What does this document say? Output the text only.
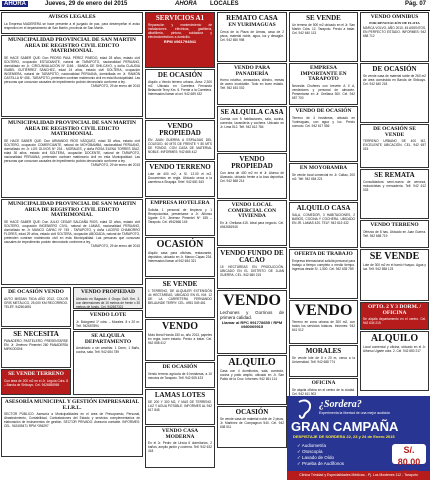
AHORA	Jueves, 29 de enero del 2015	AHORA LOCALES	Pág. 07
AVISOS LEGALES

La Empresa MADERERA se hace presente a el juzgado de paz, para desempeñar el aviso respectivo en el departamento de San Martín, provincia de San Martín.

MUNICIPALIDAD PROVINCIAL DE SAN MARTIN AREA DE REGISTRO CIVIL EDICTO MATRIMONIAL

SE HACE SABER QUE: Don PEDRO PAUL PÉREZ PINEDO, edad 28 años, estado civil SOLTERO, ocupación ESTUDIANTE, natural de TARAPOTO, nacionalidad PERUANO, domiciliado en Jr. CIRCUNVALACIÓN Nº 1166 - BANDA DE SHILCAYO, y doña CLAUDIA ISABEL GUTIÉRREZ SÁNCHEZ, edad 24 años, estado civil SOLTERA, ocupación INGENIERA, natural de TARAPOTO, nacionalidad PERUANA, domiciliada en Jr. RAMÓN CASTILLA Nº 456 - TARAPOTO, pretenden contraer matrimonio civil en esta Municipalidad. Las personas que conozcan causales de impedimento podrán denunciarlo conforme a ley.

TARAPOTO, 29 de enero del 2015

MUNICIPALIDAD PROVINCIAL DE SAN MARTIN AREA DE REGISTRO CIVIL EDICTO MATRIMONIAL

SE HACE SABER QUE: Don ARMANDO RÍOS VÁSQUEZ, edad 35 años, estado civil SOLTERO, ocupación COMERCIANTE, natural de MOYOBAMBA, nacionalidad PERUANO, domiciliado en Jr. LOS OLIVOS Nº 234 - MORALES, y doña ROSA ELENA TORRES DÍAZ, edad 30 años, estado civil SOLTERA, ocupación DOCENTE, natural de TARAPOTO, nacionalidad PERUANA, pretenden contraer matrimonio civil en esta Municipalidad. Las personas que conozcan causales de impedimento podrán denunciarlo conforme a ley.

TARAPOTO, 29 de enero del 2015

MUNICIPALIDAD PROVINCIAL DE SAN MARTIN AREA DE REGISTRO CIVIL EDICTO MATRIMONIAL

SE HACE SABER QUE: Don JULIO CESAR SALDAÑA RIOS, edad 32 años, estado civil SOLTERO, ocupación INGENIERO CIVIL, natural de LAMAS, nacionalidad PERUANO, domiciliado en Jr. MANCO CAPAC Nº 745 - TARAPOTO, y doña LUCERO CHAMORRO FLORES, edad 29 años, estado civil SOLTERA, ocupación ABOGADA, natural de TARAPOTO, pretenden contraer matrimonio civil en esta Municipalidad. Las personas que conozcan causales de impedimento podrán denunciarlo conforme a ley.

TARAPOTO, 29 de enero del 2015

DE OCASIÓN VENDO

AUTO MISSAN TIIDA AÑO 2012, COLOR GRIS METÁLICO, 25,000 KM RECORRIDO. TELÉF. 942504891

SE NECESITA

PANADERO, PASTELERO, PRESENTARSE EN: Jr. Jiménez Pimentel 260 PANADERÍA MIRKODONI

SE VENDE TERRENO

Con área de 200 m2 en el Jr. Leguía Cdra. 8 – Banda de Shilcayo. Cel. 9426588965

VENDO PROPIEDAD

Ubicado en Bagazán 4 Grupo Golf. Km. 3, con dimensiones de 10 metros de frente x 30 metros de fondo. Cel. 942657321

VENDO LOTE

Jr. Bolognesi 1º cdra. – Morales. 8 x 20 m. Telf. 942657894

SE ALQUILA DEPARTAMENTO

Amoblado o sin amoblar. 1 Dorm, 1 Baño, cocina, sala. Telf. 942 654 789

ASESORÍA MUNICIPAL Y GESTIÓN EMPRESARIAL E.I.R.L.

SECTOR PÚBLICO: Asesoría a Municipalidades en el área de Presupuesto, Personal, Abastecimiento, Contabilidad, Contrataciones del Estado y servicios complementarios de elaboración de instrumentos de gestión. SECTOR PRIVADO: Asesoría contable. INFORMES: CEL. 942455471 RPM *396297

SERVICIOS A1

Reparación y mantenimiento de instalaciones eléctricas, gasfitería, albañilería, pintura, soldadura y electrodomésticos a domicilio.

RPM #961794941
DE OCASIÓN

Alquilo o Vendo terreno urbano, Área: 2,300 m2. Ubicado en Carretera Fernando Belaunde Terry Km. 6. Frente a la Carretera. Interesados llamar al cel. 942 689 432

VENDO PROPIEDAD

EN JUAN GUERRA A ESPALDAS DEL COLEGIO, 60 MTS DE FRENTE Y 80 MTS DE FONDO, CON CASA DE MATERIAL NOBLE. INFORMES: 942 665 412

VENDO TERRENO

Lote de 400 m2, a S/. 12.00 el m2. Documentos en regla. Ubicado cerca a la carretera a Shapaja. Telef. 942 681 543

EMPRESA HOTELERA

Solicita 1 personal de limpieza y 1 Recepcionista, presentarse a Jr. Alfonso Ugarte C.V. Jiménez Pimentel Nº 155 – Tarapoto. Cel. #942666 145

OCASIÓN

Alquilo casa para oficinas, restaurante, depósitos, ubicado en Jr. Manco Cápac 234. Interesados llamar al 942 654 321

SE VENDE

1 TERRENO, DE ALQUILER EXTENSIÓN 44 HECTÁREAS, UBICADO EN EL KM. 12 DE LA CARRETERA FERNANDO BELAUNDE TERRY. CEL. #951 549 461

VENDO

Moto lineal Honda 150 cc, año 2013, papeles en regla, buen estado. Precio a tratar. Cel. 942 658 412

DE OCASIÓN

Vendo terreno agrícola de 6 hectáreas, a 10 minutos de Tarapoto. Telf. 942 605 423

LAMAS LOTES

DE 200 Y 300 M2, Y MAS DE TERRENO. LUZ Y AGUA POTABLE. INFORMES AL 942 617 845

VENDO CASA MODERNA

En el Jr. Pedro de Urzúa 6 dormitorios, 2 baños, amplio jardín y cochera. Telf. 942 632 418

REMATO CASA
EN YURIMAGUAS

Cerca de la Plaza de Armas, casa de 2 pisos, material noble, agua, luz y desagüe. Cel. 942 650 998

VENDO PARA PANADERÍA

Horno rotativo, amasadora, cilindro, mesas de acero inoxidable. Todo en buen estado. Telf. 942 651 002

SE ALQUILA CASA

Cuenta con 5 habitaciones, sala, cocina, comedor, lavandería y cochera. Ubicado en Jr. Lima 512. Telf. 942 612 784

VENDO PROPIEDAD

Con área de 400 m2 en el Jr. Alonso de Alvarado, ubicado frente a la losa deportiva. Cel. 942 668 214

VENDO LOCAL COMERCIAL CON VIVIENDA

En Jr. Orellana 415. Ideal para negocio. Cel. #942681945

VENDO FUNDO DE CACAO

15 HECTÁREAS EN PRODUCCIÓN, UBICADO EN EL DISTRITO DE JUAN GUERRA. CEL. 942 680 215

VENDO

Lechones y Gorrinos de primera calidad.

Llamar al RPC 991778655 / RPM #980069915
ALQUILO

Casa con 4 dormitorios, sala, comedor, cocina y patio amplio, ubicado en Jr. San Pablo de la Cruz. Informes: 942 651 114

OCASIÓN

Se vende casa de material noble de 2 pisos, Jr. Martínez de Compagnon 540. Cel. 942 638 511

SE VENDE

Un terreno de 500 m2 ubicado en el Jr. San Martín Cdra. 12, Tarapoto. Precio a tratar. Cel. 942 640 113

EMPRESA IMPORTANTE EN TARAPOTO

Necesita Choferes con brevete A II A, vendedores y personal de almacén. Presentarse en Jr. Orellana 300. Cel. 942 657 700

VENDO DE OCASIÓN

Terreno de 4 hectáreas, ubicado en Yurimaguas, con agua y luz. Precio cómodo. Cel. 942 617 556

EN MOYOBAMBA

Se vende local comercial en Jr. Callao, 200 m2. Telf. 942 654 221

ALQUILO CASA

SALA, COMEDOR, 3 HABITACIONES, 2 BAÑOS, COCINA Y COCHERA. UBICADO EN JR. LAMAS 420. TELF. 942 615 432

OFERTA DE TRABAJO

Empresa internacional solicita personal para trabajo a tiempo completo o medio tiempo. Ingresos desde S/. 1,500. Cel. 942 635 789

VENDO

Terreno en zona urbana de 300 m2, con todos los servicios básicos. Informes: 942 641 012

MORALES

Se vende lote de 8 x 20 m, cerca a la Universidad. Telf. 942 688 774

OFICINA

Se alquila oficina en el centro de la ciudad. Cel. 942 611 903

VENDO OMNIBUS
POR RENOVACIÓN DE FLOTA

MARCA VOLVO, AÑO 2010, 45 ASIENTOS, EN PERFECTO ESTADO. INFORMES: 942 658 712

DE OCASIÓN

Se vende casa de material noble de 260 m2 de área construida en Banda de Shilcayo. Cel. 942 640 218

DE OCASIÓN SE VENDE

TERRENO URBANO DE 400 M2, EXCELENTE UBICACIÓN. CEL. 942 657 015

SE REMATA

Consolidadora semi-nueva de cerveza, motocicletas y mercadería. Telf. 942 612 033

VENDO TERRENO

Ofrezco de 8 has. Ubicado en Juan Guerra. Telf. 942 658 719

SE VENDE

Lote de 300 m2 en el barrio Huayco. Agua y luz. Telf. 942 658 123

OPTO. 2 Y 3 DORM. / OFICINA

Se alquila departamento en el centro. Cel. 942 634 215

ALQUILO

Local comercial y oficina, ubicado en el Jr. Alfonso Ugarte cdra. 2. Cel. 942 650 217

¿Sordera?
Experimenta la libertad de una mejor audición
GRAN CAMPAÑA
DESPISTAJE DE SORDERA 22, 23 y 24 de Enero 2015
✓ Audiometría
✓ Otoscopía
✓ Lavado de Oído
✓ Prueba de Audífonos
S/. 80.00
Clínica Trinidad y Especialidades Médicas - Pj. Los Mostenes 112 - Tarapoto
